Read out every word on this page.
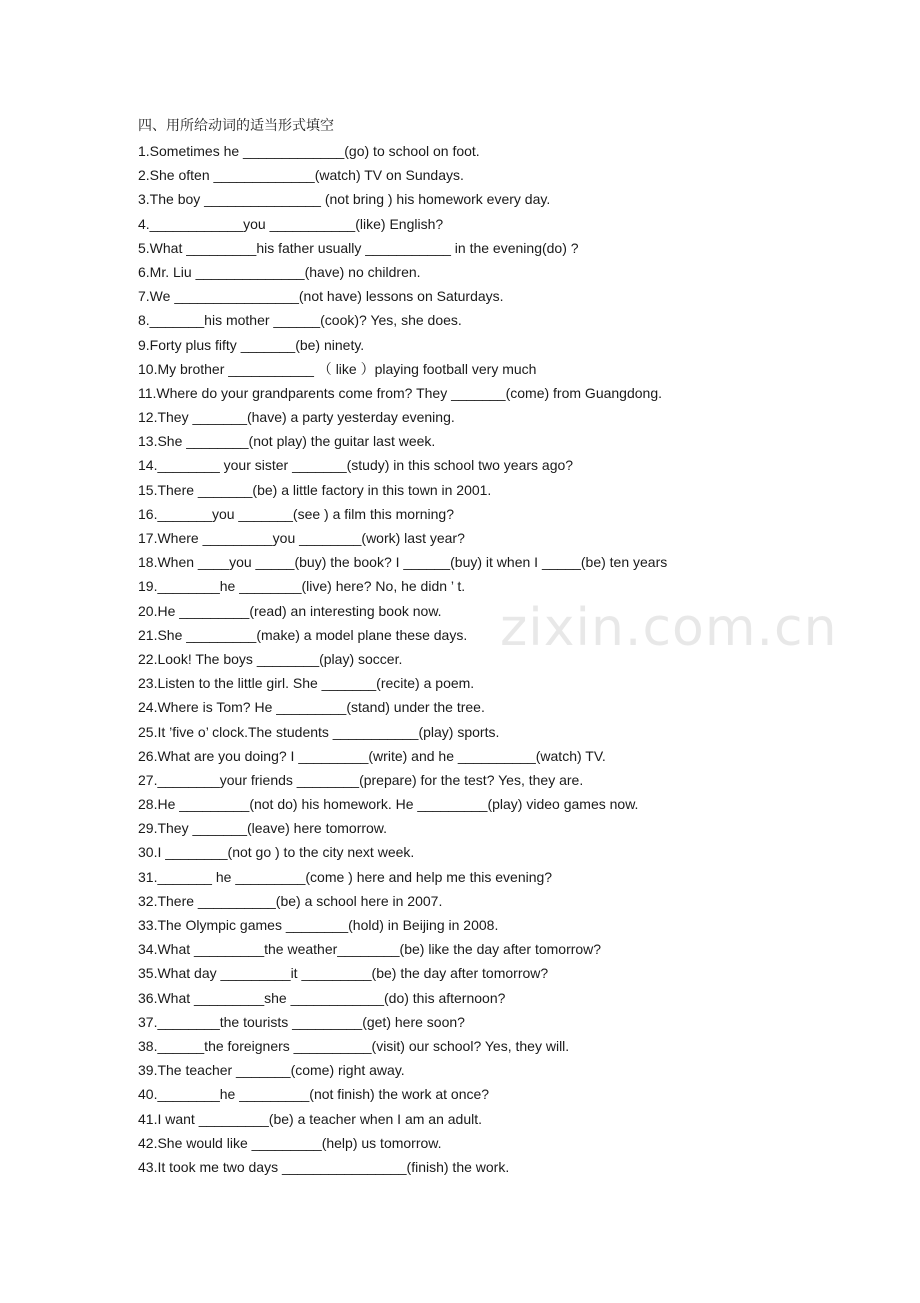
四、用所给动词的适当形式填空
1.Sometimes he _____________(go) to school on foot.
2.She often _____________(watch) TV on Sundays.
3.The boy _______________ (not bring ) his homework every day.
4.____________you ___________(like) English?
5.What _________his father usually ___________ in the evening(do) ?
6.Mr. Liu ______________(have) no children.
7.We ________________(not have) lessons on Saturdays.
8._______his mother ______(cook)? Yes, she does.
9.Forty plus fifty _______(be) ninety.
10.My brother ___________ （ like ）playing football very much
11.Where do your grandparents come from? They _______(come) from Guangdong.
12.They _______(have) a party yesterday evening.
13.She ________(not play) the guitar last week.
14.________ your sister _______(study) in this school two years ago?
15.There _______(be) a little factory in this town in 2001.
16._______you _______(see ) a film this morning?
17.Where _________you ________(work) last year?
18.When ____you _____(buy) the book? I ______(buy) it when I _____(be) ten years
19.________he ________(live) here? No, he didn ’ t.
20.He _________(read) an interesting book now.
21.She _________(make) a model plane these days.
22.Look! The boys ________(play) soccer.
23.Listen to the little girl. She _______(recite) a poem.
24.Where is Tom? He _________(stand) under the tree.
25.It ’five o’ clock.The students ___________(play) sports.
26.What are you doing? I _________(write) and he __________(watch) TV.
27.________your friends ________(prepare) for the test? Yes, they are.
28.He _________(not do) his homework. He _________(play) video games now.
29.They _______(leave) here tomorrow.
30.I ________(not go ) to the city next week.
31._______ he _________(come ) here and help me this evening?
32.There __________(be) a school here in 2007.
33.The Olympic games ________(hold) in Beijing in 2008.
34.What _________the weather________(be) like the day after tomorrow?
35.What day _________it _________(be) the day after tomorrow?
36.What _________she ____________(do) this afternoon?
37.________the tourists _________(get) here soon?
38.______the foreigners __________(visit) our school? Yes, they will.
39.The teacher _______(come) right away.
40.________he _________(not finish) the work at once?
41.I want _________(be) a teacher when I am an adult.
42.She would like _________(help) us tomorrow.
43.It took me two days ________________(finish) the work.
zixin.com.cn
